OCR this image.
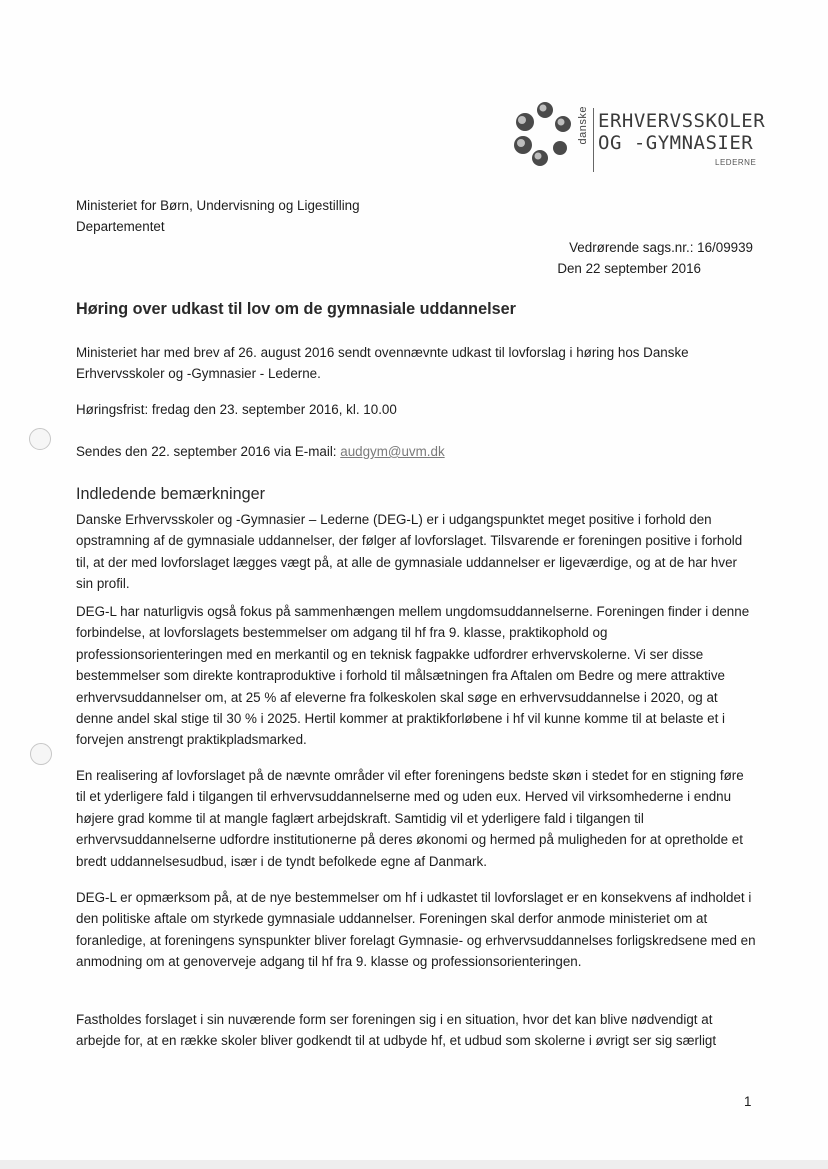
danske ERHVERVSSKOLER
OG -GYMNASIER
LEDERNE
Ministeriet for Børn, Undervisning og Ligestilling
Departementet
Vedrørende sags.nr.: 16/09939
Den 22 september 2016
Høring over udkast til lov om de gymnasiale uddannelser

Ministeriet har med brev af 26. august 2016 sendt ovennævnte udkast til lovforslag i høring hos Danske Erhvervsskoler og -Gymnasier - Lederne.

Høringsfrist: fredag den 23. september 2016, kl. 10.00

Sendes den 22. september 2016 via E-mail: audgym@uvm.dk

Indledende bemærkninger

Danske Erhvervsskoler og -Gymnasier – Lederne (DEG-L) er i udgangspunktet meget positive i forhold den opstramning af de gymnasiale uddannelser, der følger af lovforslaget. Tilsvarende er foreningen positive i forhold til, at der med lovforslaget lægges vægt på, at alle de gymnasiale uddannelser er ligeværdige, og at de har hver sin profil.

DEG-L har naturligvis også fokus på sammenhængen mellem ungdomsuddannelserne. Foreningen finder i denne forbindelse, at lovforslagets bestemmelser om adgang til hf fra 9. klasse, praktikophold og professionsorienteringen med en merkantil og en teknisk fagpakke udfordrer erhvervskolerne. Vi ser disse bestemmelser som direkte kontraproduktive i forhold til målsætningen fra Aftalen om Bedre og mere attraktive erhvervsuddannelser om, at 25 % af eleverne fra folkeskolen skal søge en erhvervsuddannelse i 2020, og at denne andel skal stige til 30 % i 2025. Hertil kommer at praktikforløbene i hf vil kunne komme til at belaste et i forvejen anstrengt praktikpladsmarked.

En realisering af lovforslaget på de nævnte områder vil efter foreningens bedste skøn i stedet for en stigning føre til et yderligere fald i tilgangen til erhvervsuddannelserne med og uden eux. Herved vil virksomhederne i endnu højere grad komme til at mangle faglært arbejdskraft. Samtidig vil et yderligere fald i tilgangen til erhvervsuddannelserne udfordre institutionerne på deres økonomi og hermed på muligheden for at opretholde et bredt uddannelsesudbud, især i de tyndt befolkede egne af Danmark.

DEG-L er opmærksom på, at de nye bestemmelser om hf i udkastet til lovforslaget er en konsekvens af indholdet i den politiske aftale om styrkede gymnasiale uddannelser. Foreningen skal derfor anmode ministeriet om at foranledige, at foreningens synspunkter bliver forelagt Gymnasie- og erhvervsuddannelses forligskredsene med en anmodning om at genoverveje adgang til hf fra 9. klasse og professionsorienteringen.

Fastholdes forslaget i sin nuværende form ser foreningen sig i en situation, hvor det kan blive nødvendigt at arbejde for, at en række skoler bliver godkendt til at udbyde hf, et udbud som skolerne i øvrigt ser sig særligt

1
